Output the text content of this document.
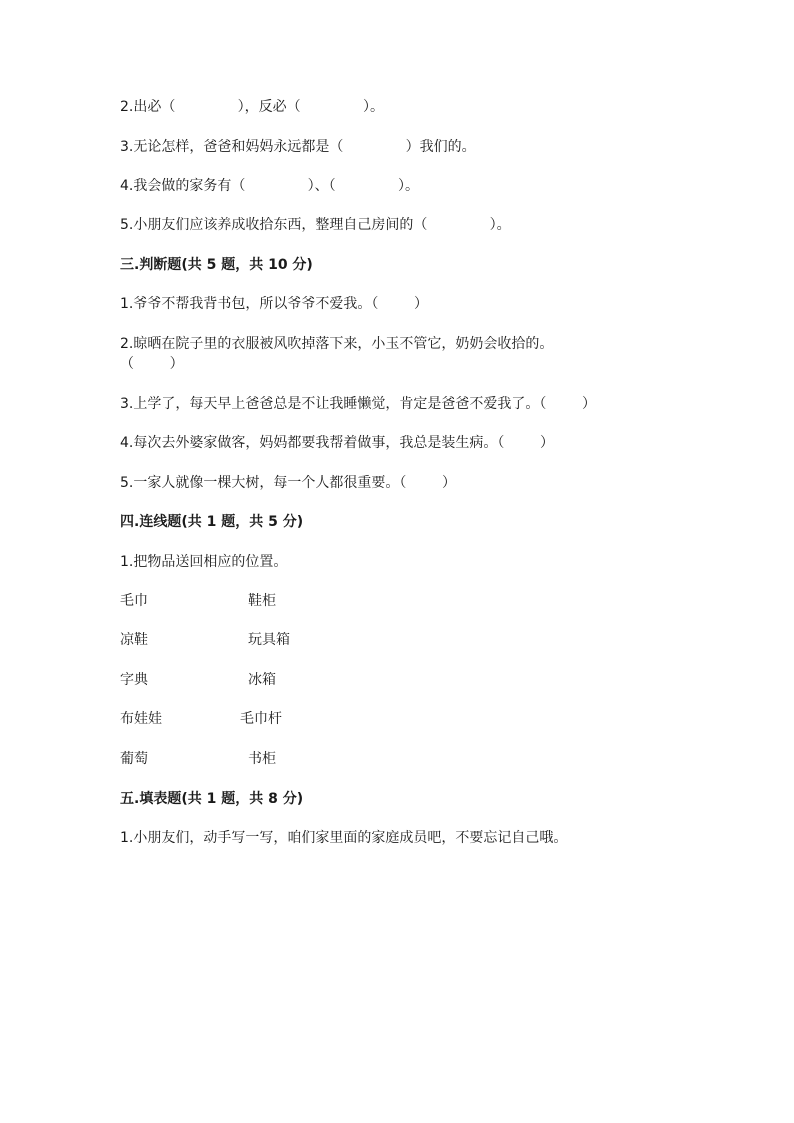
2.出必（              ），反必（              ）。
3.无论怎样，爸爸和妈妈永远都是（              ）我们的。
4.我会做的家务有（              ）、（              ）。
5.小朋友们应该养成收拾东西，整理自己房间的（              ）。
三.判断题(共 5 题，共 10 分)
1.爷爷不帮我背书包，所以爷爷不爱我。（        ）
2.晾晒在院子里的衣服被风吹掉落下来，小玉不管它，奶奶会收拾的。
（        ）
3.上学了，每天早上爸爸总是不让我睡懒觉，肯定是爸爸不爱我了。（        ）
4.每次去外婆家做客，妈妈都要我帮着做事，我总是装生病。（        ）
5.一家人就像一棵大树，每一个人都很重要。（        ）
四.连线题(共 1 题，共 5 分)
1.把物品送回相应的位置。
毛巾	鞋柜
凉鞋	玩具箱
字典	冰箱
布娃娃	毛巾杆
葡萄	书柜
五.填表题(共 1 题，共 8 分)
1.小朋友们，动手写一写，咱们家里面的家庭成员吧，不要忘记自己哦。
